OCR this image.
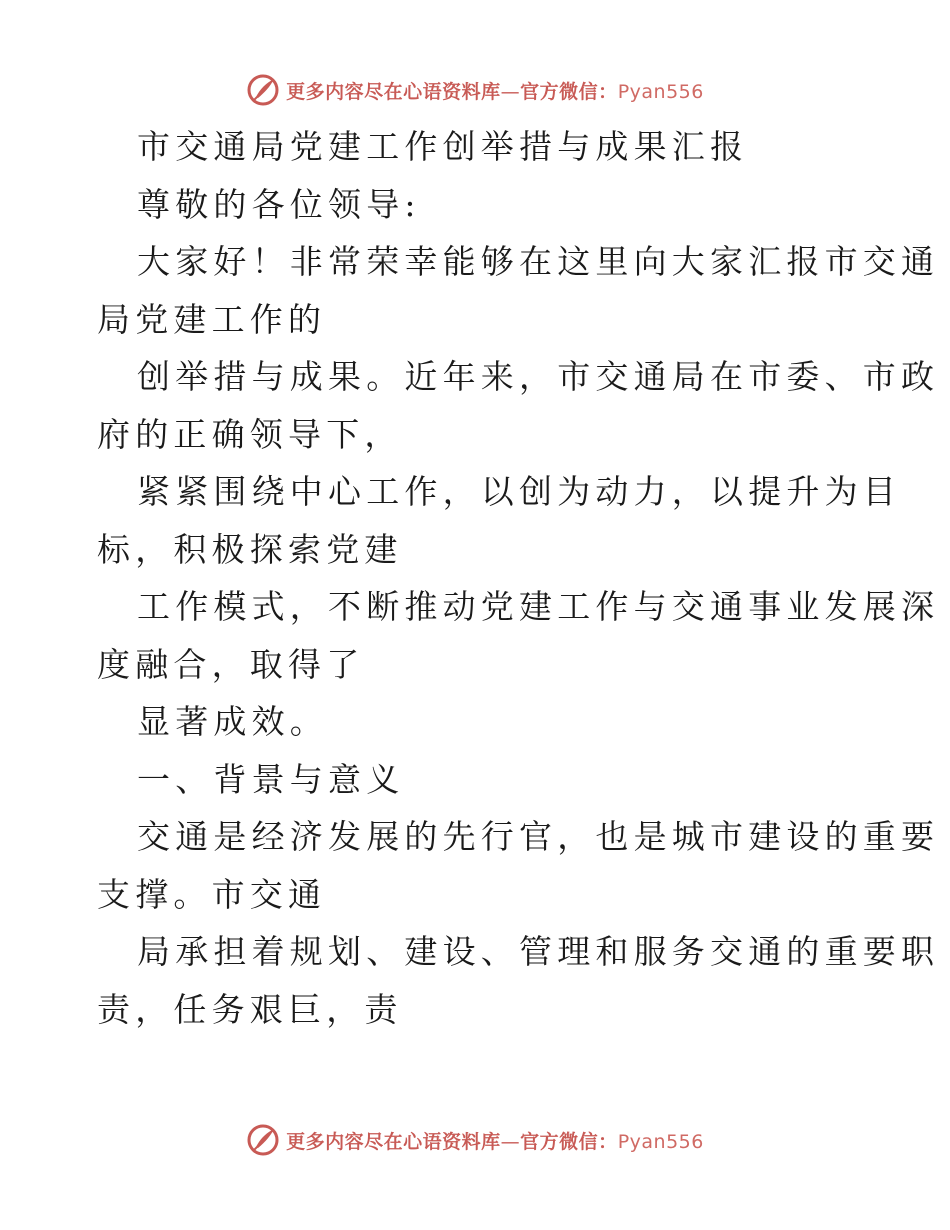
更多内容尽在心语资料库—官方微信：Pyan556
市交通局党建工作创举措与成果汇报
尊敬的各位领导:
大家好！非常荣幸能够在这里向大家汇报市交通
局党建工作的
创举措与成果。近年来，市交通局在市委、市政
府的正确领导下，
紧紧围绕中心工作，以创为动力，以提升为目
标，积极探索党建
工作模式，不断推动党建工作与交通事业发展深
度融合，取得了
显著成效。
一、背景与意义
交通是经济发展的先行官，也是城市建设的重要
支撑。市交通
局承担着规划、建设、管理和服务交通的重要职
责，任务艰巨，责
更多内容尽在心语资料库—官方微信：Pyan556
